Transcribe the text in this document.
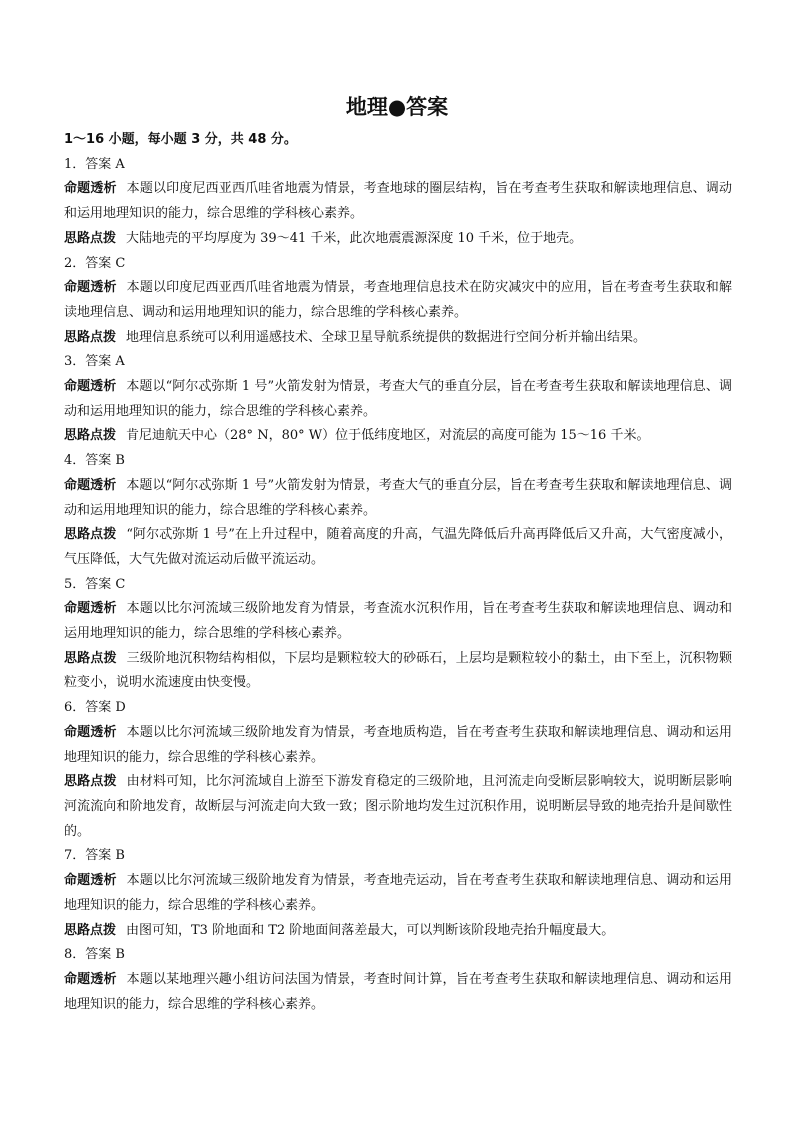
地理●答案
1～16 小题，每小题 3 分，共 48 分。
1．答案 A
命题透析 本题以印度尼西亚西爪哇省地震为情景，考查地球的圈层结构，旨在考查考生获取和解读地理信息、调动和运用地理知识的能力，综合思维的学科核心素养。
思路点拨 大陆地壳的平均厚度为 39～41 千米，此次地震震源深度 10 千米，位于地壳。
2．答案 C
命题透析 本题以印度尼西亚西爪哇省地震为情景，考查地理信息技术在防灾减灾中的应用，旨在考查考生获取和解读地理信息、调动和运用地理知识的能力，综合思维的学科核心素养。
思路点拨 地理信息系统可以利用遥感技术、全球卫星导航系统提供的数据进行空间分析并输出结果。
3．答案 A
命题透析 本题以“阿尔忒弥斯 1 号”火箭发射为情景，考查大气的垂直分层，旨在考查考生获取和解读地理信息、调动和运用地理知识的能力，综合思维的学科核心素养。
思路点拨 肯尼迪航天中心（28° N，80° W）位于低纬度地区，对流层的高度可能为 15～16 千米。
4．答案 B
命题透析 本题以“阿尔忒弥斯 1 号”火箭发射为情景，考查大气的垂直分层，旨在考查考生获取和解读地理信息、调动和运用地理知识的能力，综合思维的学科核心素养。
思路点拨 “阿尔忒弥斯 1 号”在上升过程中，随着高度的升高，气温先降低后升高再降低后又升高，大气密度减小，气压降低，大气先做对流运动后做平流运动。
5．答案 C
命题透析 本题以比尔河流域三级阶地发育为情景，考查流水沉积作用，旨在考查考生获取和解读地理信息、调动和运用地理知识的能力，综合思维的学科核心素养。
思路点拨 三级阶地沉积物结构相似，下层均是颗粒较大的砂砾石，上层均是颗粒较小的黏土，由下至上，沉积物颗粒变小，说明水流速度由快变慢。
6．答案 D
命题透析 本题以比尔河流域三级阶地发育为情景，考查地质构造，旨在考查考生获取和解读地理信息、调动和运用地理知识的能力，综合思维的学科核心素养。
思路点拨 由材料可知，比尔河流域自上游至下游发育稳定的三级阶地，且河流走向受断层影响较大，说明断层影响河流流向和阶地发育，故断层与河流走向大致一致；图示阶地均发生过沉积作用，说明断层导致的地壳抬升是间歇性的。
7．答案 B
命题透析 本题以比尔河流域三级阶地发育为情景，考查地壳运动，旨在考查考生获取和解读地理信息、调动和运用地理知识的能力，综合思维的学科核心素养。
思路点拨 由图可知，T3 阶地面和 T2 阶地面间落差最大，可以判断该阶段地壳抬升幅度最大。
8．答案 B
命题透析 本题以某地理兴趣小组访问法国为情景，考查时间计算，旨在考查考生获取和解读地理信息、调动和运用地理知识的能力，综合思维的学科核心素养。
